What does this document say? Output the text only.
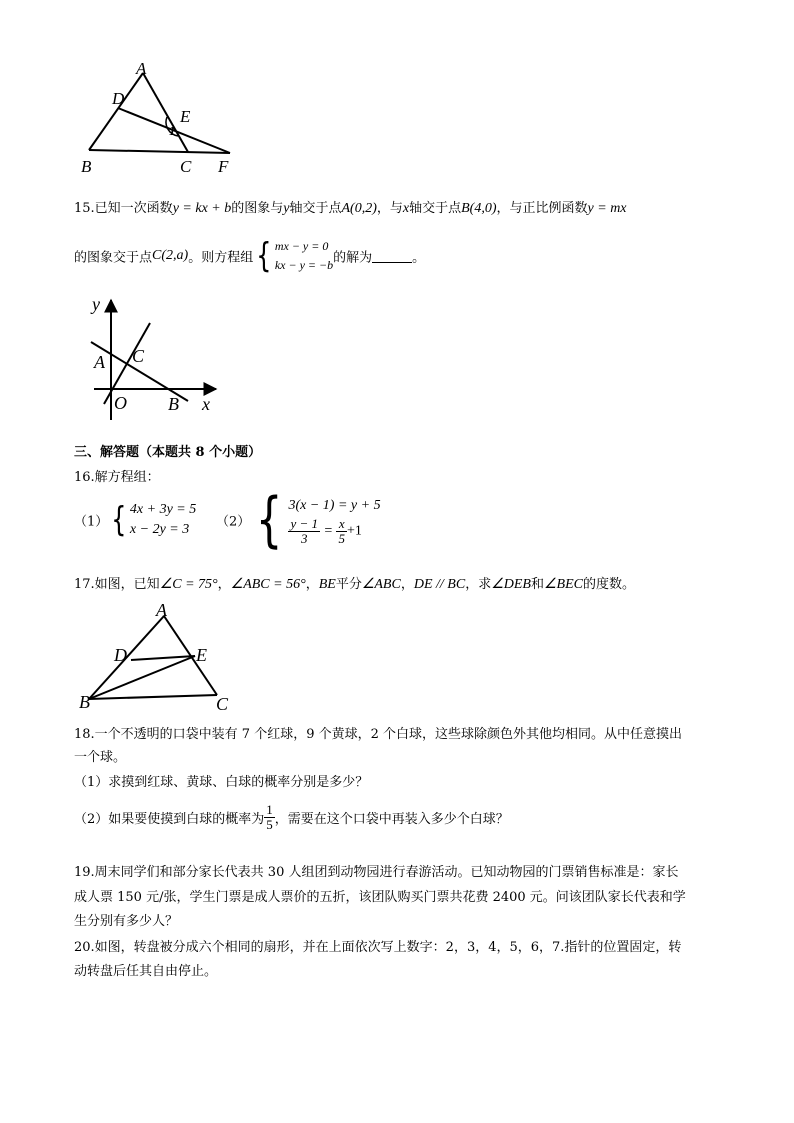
A
D
E
1
B	C F
15.已知一次函数y = kx + b的图象与y轴交于点A(0,2)，与x轴交于点B(4,0)，与正比例函数y = mx
的图象交于点C(2,a)。则方程组{ mx − y = 0
kx − y = −b的解为	。
y
A C
O B x
三、解答题（本题共 8 个小题）
16.解方程组：
（1）{ 4x + 3y = 5
x − 2y = 3	（2）{ 3(x − 1) = y + 5

$\frac{y - 1}{3} = \frac{x}{5} +1$
17.如图，已知∠C = 75°，∠ABC = 56°，BE平分∠ABC，DE // BC，求∠DEB和∠BEC的度数。
A
D	E
B	C
18.一个不透明的口袋中装有 7 个红球，9 个黄球，2 个白球，这些球除颜色外其他均相同。从中任意摸出
一个球。
（1）求摸到红球、黄球、白球的概率分别是多少？
（2）如果要使摸到白球的概率为 $\frac{1}{5}$ ，需要在这个口袋中再装入多少个白球？
19.周末同学们和部分家长代表共 30 人组团到动物园进行春游活动。已知动物园的门票销售标准是：家长
成人票 150 元/张，学生门票是成人票价的五折，该团队购买门票共花费 2400 元。问该团队家长代表和学
生分别有多少人？
20.如图，转盘被分成六个相同的扇形，并在上面依次写上数字：2，3，4，5，6，7.指针的位置固定，转
动转盘后任其自由停止。
